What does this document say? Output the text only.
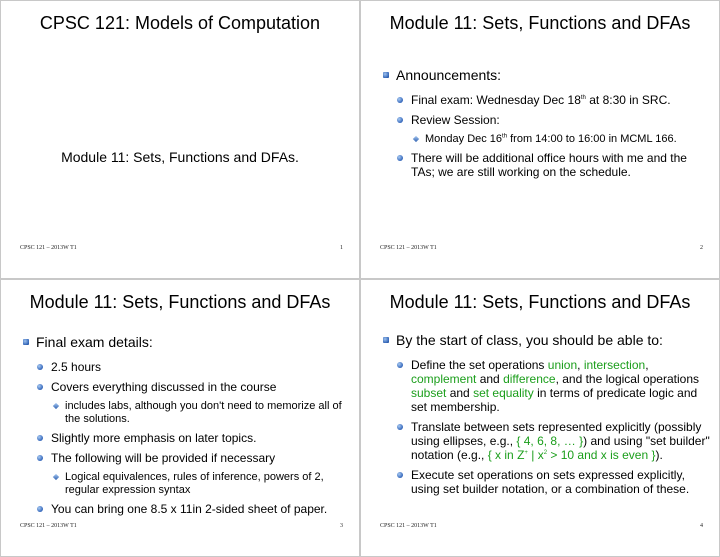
CPSC 121: Models of Computation
Module 11: Sets, Functions and DFAs.
CPSC 121 – 2013W T1	1
Module 11: Sets, Functions and DFAs
Announcements:
Final exam: Wednesday Dec 18th at 8:30 in SRC.
Review Session:
Monday Dec 16th from 14:00 to 16:00 in MCML 166.
There will be additional office hours with me and the TAs; we are still working on the schedule.
CPSC 121 – 2013W T1	2
Module 11: Sets, Functions and DFAs
Final exam details:
2.5 hours
Covers everything discussed in the course
includes labs, although you don't need to memorize all of the solutions.
Slightly more emphasis on later topics.
The following will be provided if necessary
Logical equivalences, rules of inference, powers of 2, regular expression syntax
You can bring one 8.5 x 11in 2-sided sheet of paper.
CPSC 121 – 2013W T1	3
Module 11: Sets, Functions and DFAs
By the start of class, you should be able to:
Define the set operations union, intersection, complement and difference, and the logical operations subset and set equality in terms of predicate logic and set membership.
Translate between sets represented explicitly (possibly using ellipses, e.g., { 4, 6, 8, … }) and using "set builder" notation (e.g., { x in Z+ | $x^2 > 10$ and x is even }).
Execute set operations on sets expressed explicitly, using set builder notation, or a combination of these.
CPSC 121 – 2013W T1	4
